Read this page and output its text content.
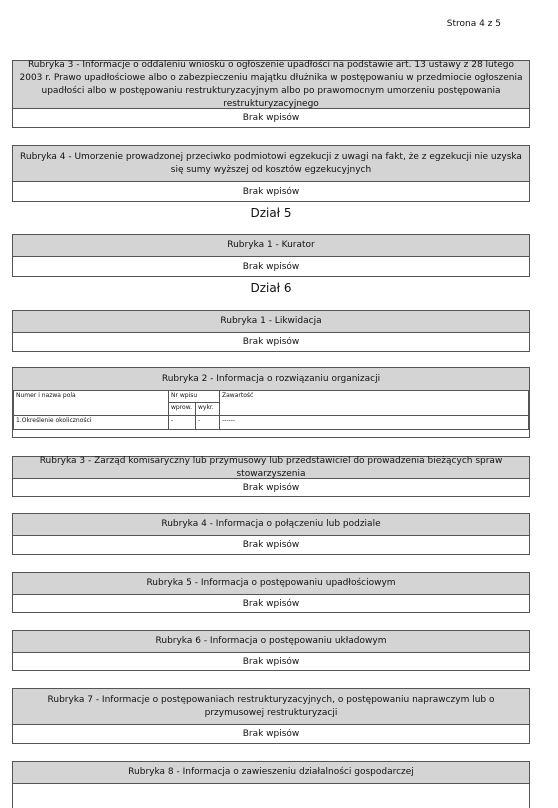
Strona 4 z 5
Rubryka 3 - Informacje o oddaleniu wniosku o ogłoszenie upadłości na podstawie art. 13 ustawy z 28 lutego 2003 r. Prawo upadłościowe albo o zabezpieczeniu majątku dłużnika w postępowaniu w przedmiocie ogłoszenia upadłości albo w postępowaniu restrukturyzacyjnym albo po prawomocnym umorzeniu postępowania restrukturyzacyjnego
Brak wpisów
Rubryka 4 - Umorzenie prowadzonej przeciwko podmiotowi egzekucji z uwagi na fakt, że z egzekucji nie uzyska się sumy wyższej od kosztów egzekucyjnych
Brak wpisów
Dział 5
Rubryka 1 - Kurator
Brak wpisów
Dział 6
Rubryka 1 - Likwidacja
Brak wpisów
Rubryka 2 - Informacja o rozwiązaniu organizacji
Numer i nazwa pola	Nr wpisu		Zawartość
	wprow.	wykr.	
1.Określenie okoliczności	-	-	------
Rubryka 3 - Zarząd komisaryczny lub przymusowy lub przedstawiciel do prowadzenia bieżących spraw stowarzyszenia
Brak wpisów
Rubryka 4 - Informacja o połączeniu lub podziale
Brak wpisów
Rubryka 5 - Informacja o postępowaniu upadłościowym
Brak wpisów
Rubryka 6 - Informacja o postępowaniu układowym
Brak wpisów
Rubryka 7 - Informacje o postępowaniach restrukturyzacyjnych, o postępowaniu naprawczym lub o przymusowej restrukturyzacji
Brak wpisów
Rubryka 8 - Informacja o zawieszeniu działalności gospodarczej
